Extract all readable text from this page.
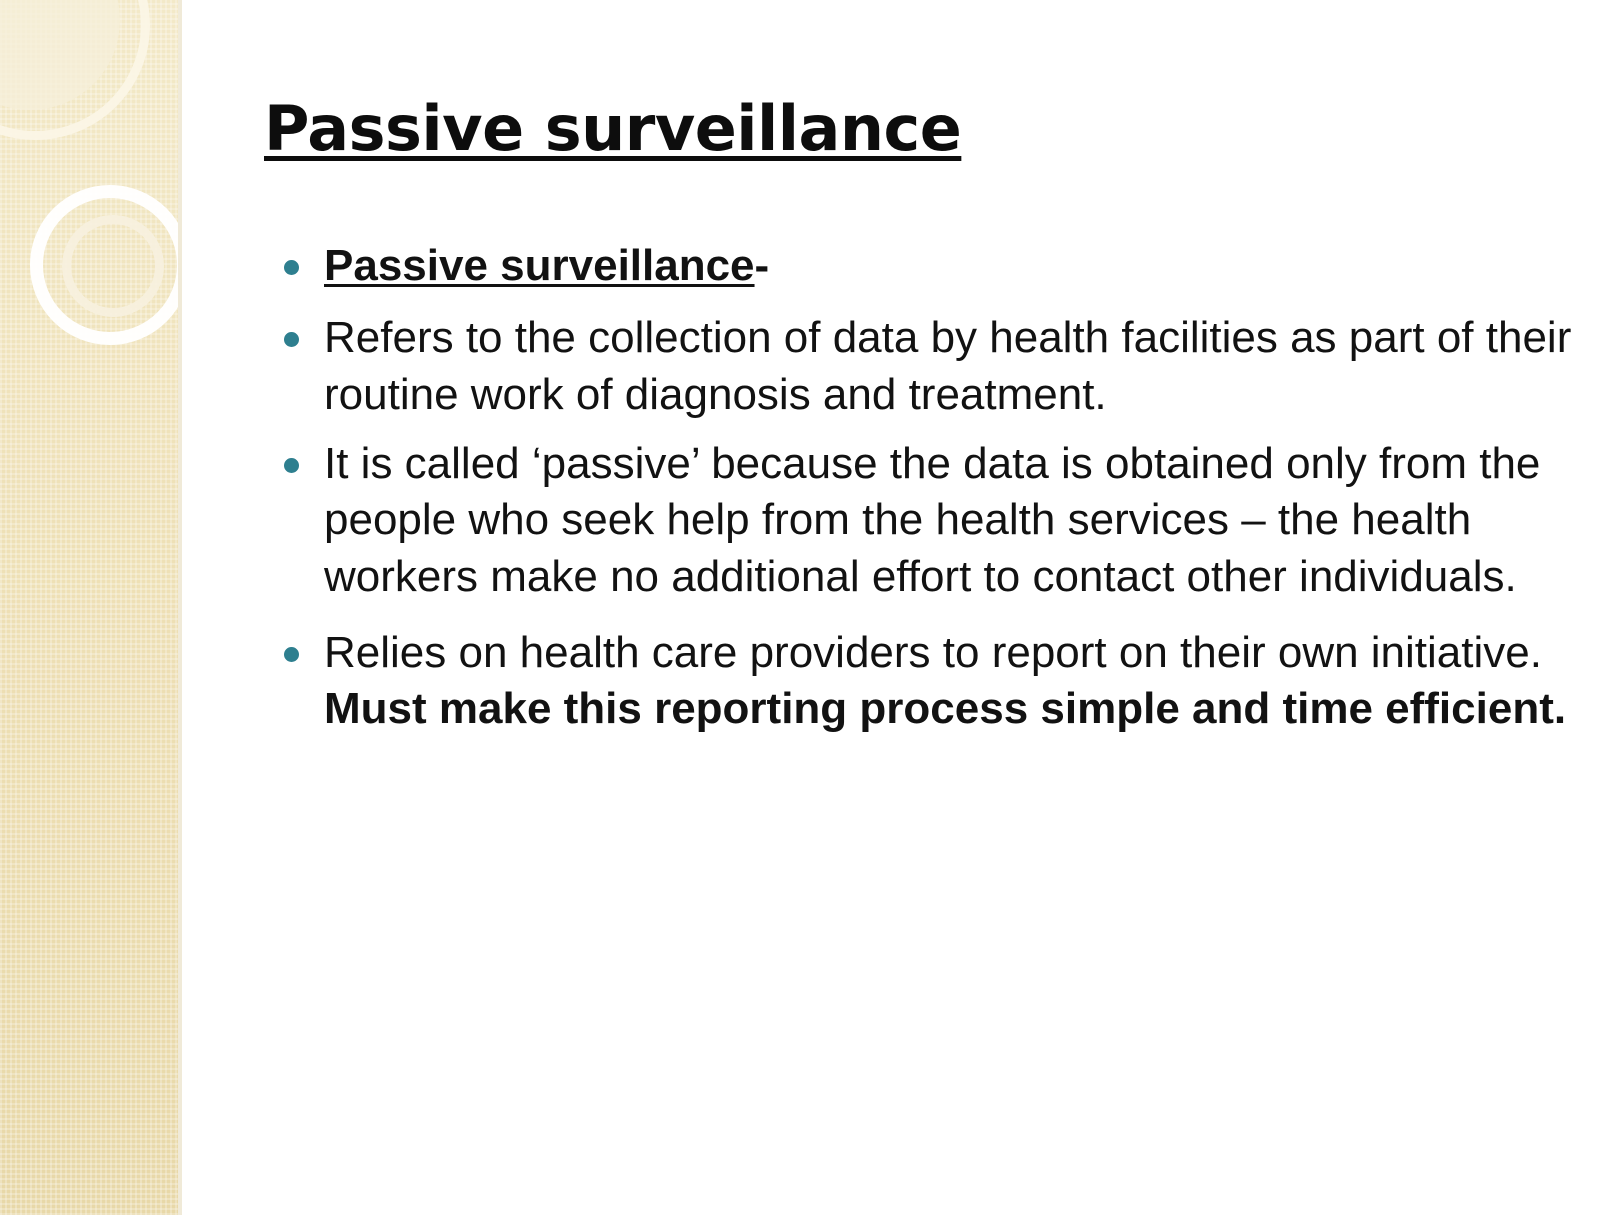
Passive surveillance
Passive surveillance-
Refers to the collection of data by health facilities as part of their routine work of diagnosis and treatment.
It is called ‘passive’ because the data is obtained only from the people who seek help from the health services – the health workers make no additional effort to contact other individuals.
Relies on health care providers to report on their own initiative. Must make this reporting process simple and time efficient.
